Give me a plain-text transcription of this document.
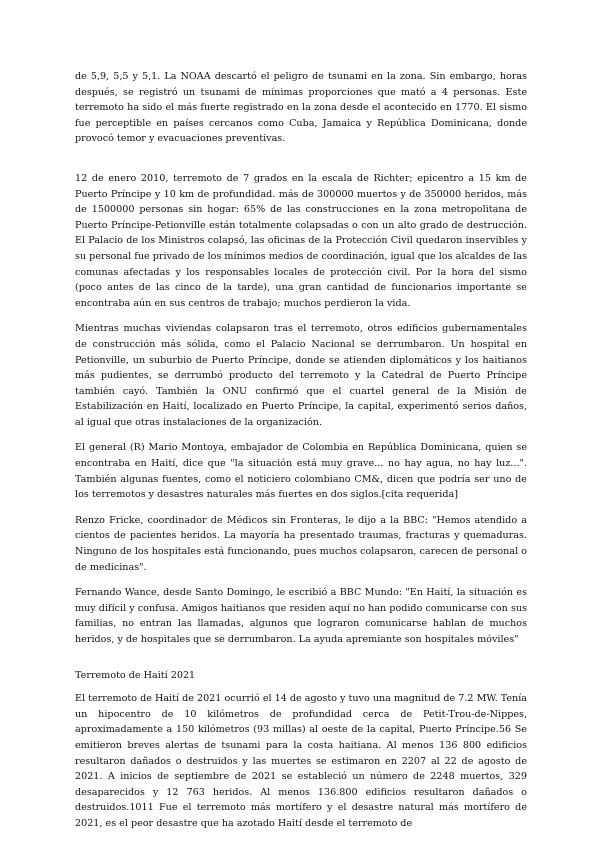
de 5,9, 5,5 y 5,1. La NOAA descartó el peligro de tsunami en la zona. Sin embargo, horas después, se registró un tsunami de mínimas proporciones que mató a 4 personas. Este terremoto ha sido el más fuerte registrado en la zona desde el acontecido en 1770. El sismo fue perceptible en países cercanos como Cuba, Jamaica y República Dominicana, donde provocó temor y evacuaciones preventivas.

12 de enero 2010, terremoto de 7 grados en la escala de Richter; epicentro a 15 km de Puerto Príncipe y 10 km de profundidad. más de 300000 muertos y de 350000 heridos, más de 1500000 personas sin hogar: 65% de las construcciones en la zona metropolitana de Puerto Príncipe-Petionville están totalmente colapsadas o con un alto grado de destrucción. El Palacio de los Ministros colapsó, las oficinas de la Protección Civil quedaron inservibles y su personal fue privado de los mínimos medios de coordinación, igual que los alcaldes de las comunas afectadas y los responsables locales de protección civil. Por la hora del sismo (poco antes de las cinco de la tarde), una gran cantidad de funcionarios importante se encontraba aún en sus centros de trabajo; muchos perdieron la vida.

Mientras muchas viviendas colapsaron tras el terremoto, otros edificios gubernamentales de construcción más sólida, como el Palacio Nacional se derrumbaron. Un hospital en Petionville, un suburbio de Puerto Príncipe, donde se atienden diplomáticos y los haitianos más pudientes, se derrumbó producto del terremoto y la Catedral de Puerto Príncipe también cayó. También la ONU confirmó que el cuartel general de la Misión de Estabilización en Haití, localizado en Puerto Príncipe, la capital, experimentó serios daños, al igual que otras instalaciones de la organización.

El general (R) Mario Montoya, embajador de Colombia en República Dominicana, quien se encontraba en Haití, dice que "la situación está muy grave... no hay agua, no hay luz...". También algunas fuentes, como el noticiero colombiano CM&, dicen que podría ser uno de los terremotos y desastres naturales más fuertes en dos siglos.[cita requerida]

Renzo Fricke, coordinador de Médicos sin Fronteras, le dijo a la BBC: "Hemos atendido a cientos de pacientes heridos. La mayoría ha presentado traumas, fracturas y quemaduras. Ninguno de los hospitales está funcionando, pues muchos colapsaron, carecen de personal o de medicinas".

Fernando Wance, desde Santo Domingo, le escribió a BBC Mundo: "En Haití, la situación es muy difícil y confusa. Amigos haitianos que residen aquí no han podido comunicarse con sus familias, no entran las llamadas, algunos que lograron comunicarse hablan de muchos heridos, y de hospitales que se derrumbaron. La ayuda apremiante son hospitales móviles"

Terremoto de Haití 2021

El terremoto de Haití de 2021 ocurrió el 14 de agosto y tuvo una magnitud de 7.2 MW. Tenía un hipocentro de 10 kilómetros de profundidad cerca de Petit-Trou-de-Nippes, aproximadamente a 150 kilómetros (93 millas) al oeste de la capital, Puerto Príncipe.56 Se emitieron breves alertas de tsunami para la costa haitiana. Al menos 136 800 edificios resultaron dañados o destruidos y las muertes se estimaron en 2207 al 22 de agosto de 2021. A inicios de septiembre de 2021 se estableció un número de 2248 muertos, 329 desaparecidos y 12 763 heridos. Al menos 136.800 edificios resultaron dañados o destruidos.1011 Fue el terremoto más mortífero y el desastre natural más mortífero de 2021, es el peor desastre que ha azotado Haití desde el terremoto de
